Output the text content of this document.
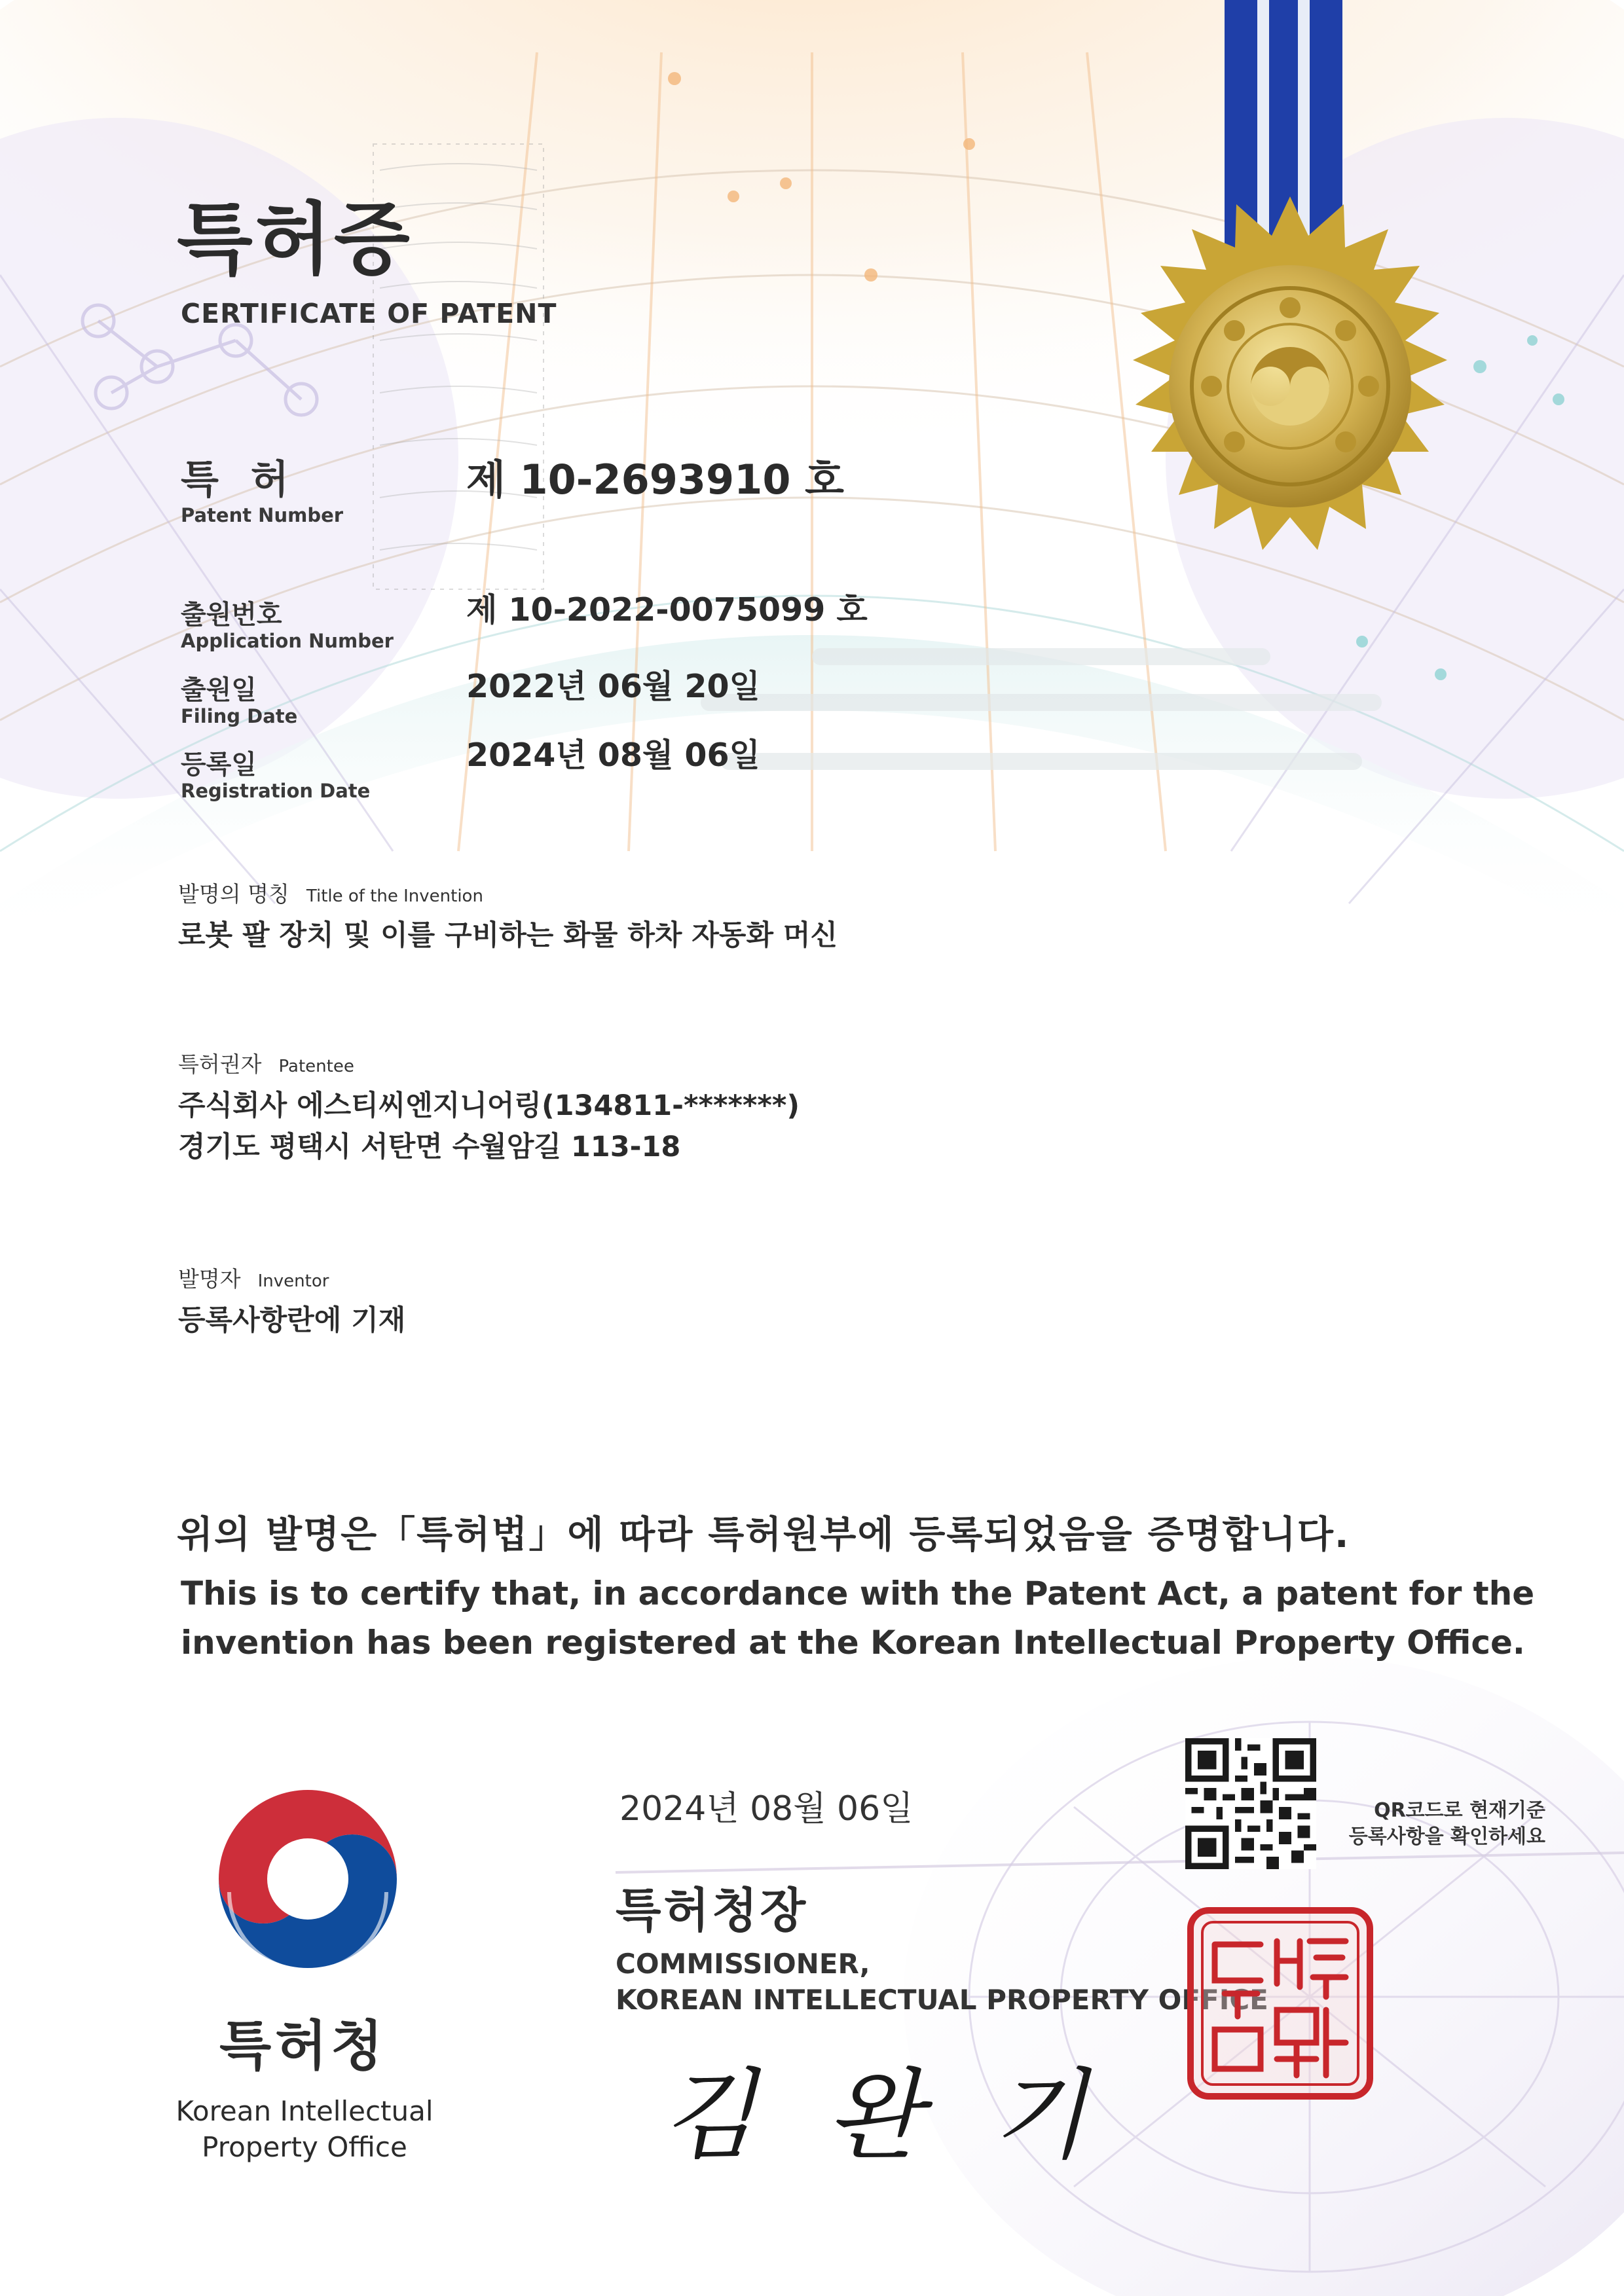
특허증
CERTIFICATE OF PATENT
특 허
Patent Number
제 10-2693910 호
출원번호
Application Number
제 10-2022-0075099 호
출원일
Filing Date
2022년 06월 20일
등록일
Registration Date
2024년 08월 06일
발명의 명칭 Title of the Invention
로봇 팔 장치 및 이를 구비하는 화물 하차 자동화 머신
특허권자 Patentee
주식회사 에스티씨엔지니어링(134811-*******)
경기도 평택시 서탄면 수월암길 113-18
발명자 Inventor
등록사항란에 기재
위의 발명은「특허법」에 따라 특허원부에 등록되었음을 증명합니다.
This is to certify that, in accordance with the Patent Act, a patent for the
invention has been registered at the Korean Intellectual Property Office.
2024년 08월 06일
특허청장
COMMISSIONER,
KOREAN INTELLECTUAL PROPERTY OFFICE
김 완 기
QR코드로 현재기준
등록사항을 확인하세요
특허청
Korean Intellectual
Property Office
